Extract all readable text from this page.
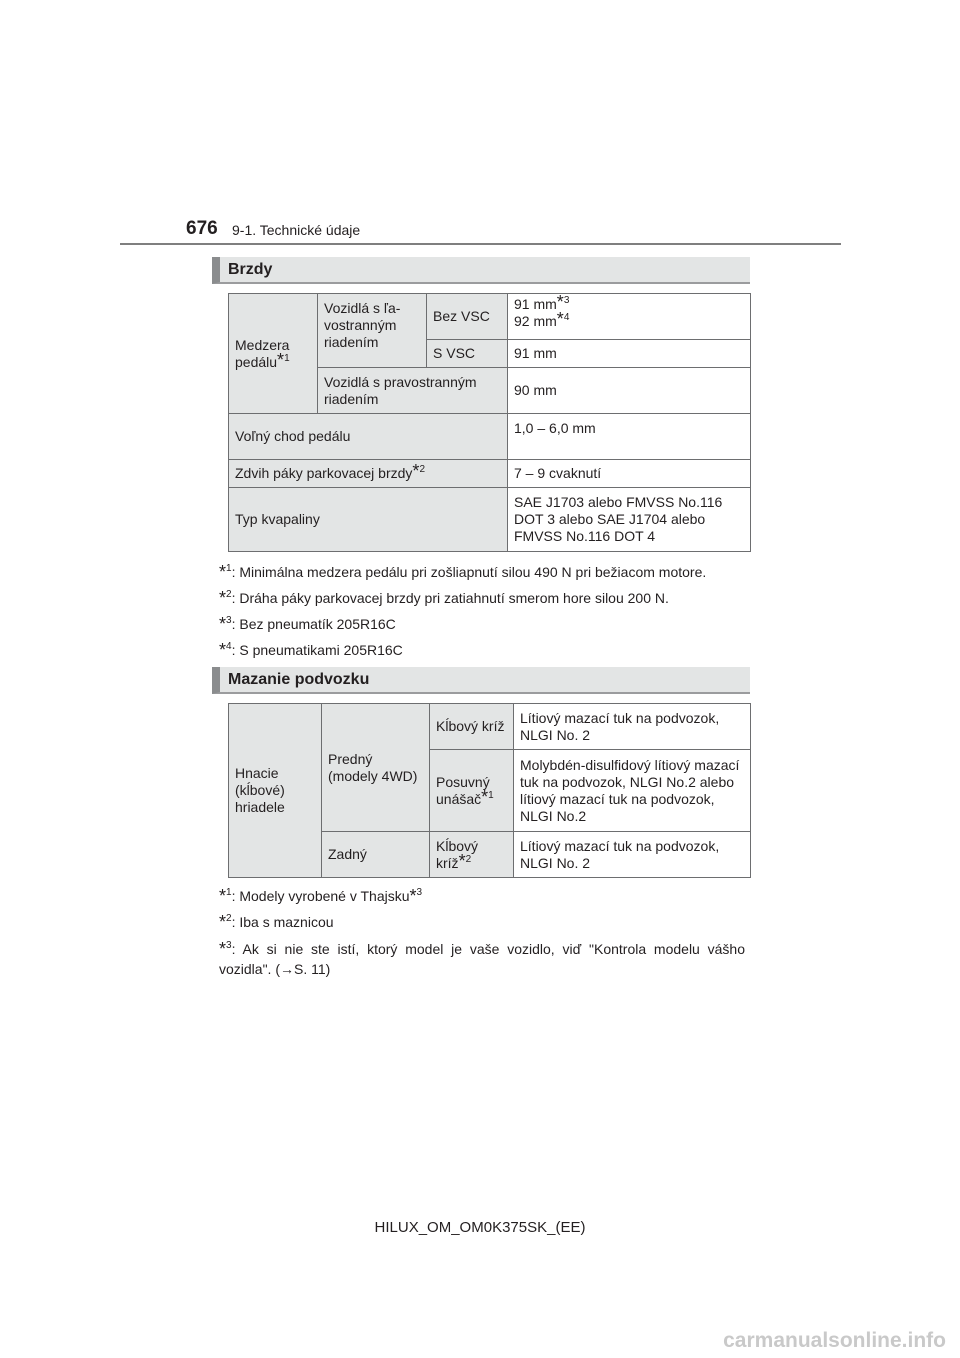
676 9-1. Technické údaje
Brzdy
Medzera pedálu$^{*1}$	Vozidlá s ľa-vostranným riadením	Bez VSC	91 $mm^{*3}$
92 $mm^{*4}$
		S VSC	91 mm
	Vozidlá s pravostranným riadením		90 mm
Voľný chod pedálu			1,0 – 6,0 mm
Zdvih páky parkovacej brzdy$^{*2}$			7 – 9 cvaknutí
Typ kvapaliny			SAE J1703 alebo FMVSS No.116 DOT 3 alebo SAE J1704 alebo FMVSS No.116 DOT 4
*$^1$: Minimálna medzera pedálu pri zošliapnutí silou 490 N pri bežiacom motore.
*$^2$: Dráha páky parkovacej brzdy pri zatiahnutí smerom hore silou 200 N.
*$^3$: Bez pneumatík 205R16C
*$^4$: S pneumatikami 205R16C
Mazanie podvozku
Hnacie (kĺbové) hriadele	Predný (modely 4WD)	Kĺbový kríž	Lítiový mazací tuk na podvozok, NLGI No. 2
		Posuvný unášač$^{*1}$	Molybdén-disulfidový lítiový mazací tuk na podvozok, NLGI No.2 alebo lítiový mazací tuk na podvozok, NLGI No.2
	Zadný	Kĺbový kríž$^{*2}$	Lítiový mazací tuk na podvozok, NLGI No. 2
*$^1$: Modely vyrobené v Thajsku*$^3$
*$^2$: Iba s maznicou
*$^3$: Ak si nie ste istí, ktorý model je vaše vozidlo, viď "Kontrola modelu vášho vozidla". (→S. 11)
HILUX_OM_OM0K375SK_(EE)
carmanualsonline.info
